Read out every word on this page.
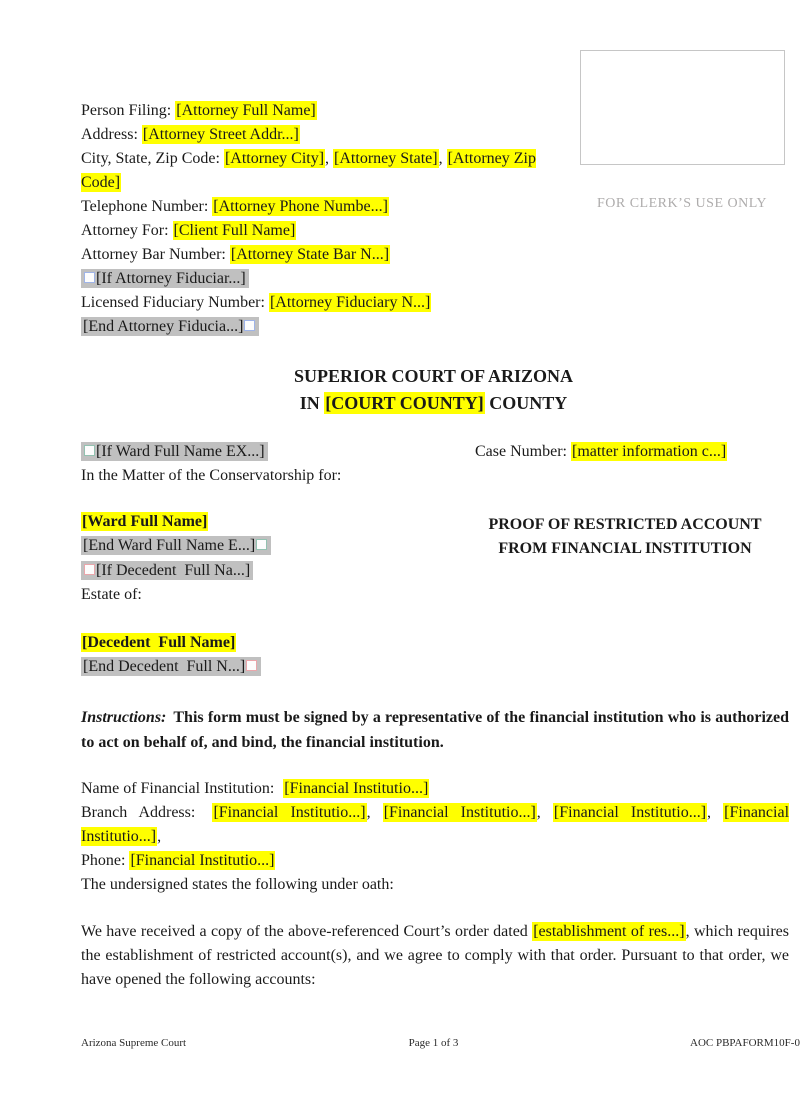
FOR CLERK’S USE ONLY
Person Filing: [Attorney Full Name]
Address: [Attorney Street Addr...]
City, State, Zip Code: [Attorney City], [Attorney State], [Attorney Zip Code]
Telephone Number: [Attorney Phone Numbe...]
Attorney For: [Client Full Name]
Attorney Bar Number: [Attorney State Bar N...]
[If Attorney Fiduciar...]
Licensed Fiduciary Number: [Attorney Fiduciary N...]
[End Attorney Fiducia...]
SUPERIOR COURT OF ARIZONA
IN [COURT COUNTY] COUNTY
[If Ward Full Name EX...]	Case Number: [matter information c...]
In the Matter of the Conservatorship for:
[Ward Full Name]
[End Ward Full Name E...]
[If Decedent  Full Na...]
Estate of:
PROOF OF RESTRICTED ACCOUNT
FROM FINANCIAL INSTITUTION
[Decedent  Full Name]
[End Decedent  Full N...]
Instructions: This form must be signed by a representative of the financial institution who is authorized to act on behalf of, and bind, the financial institution.
Name of Financial Institution: [Financial Institutio...]
Branch Address: [Financial Institutio...], [Financial Institutio...], [Financial Institutio...], [Financial Institutio...],
Phone: [Financial Institutio...]
The undersigned states the following under oath:
We have received a copy of the above-referenced Court’s order dated [establishment of res...], which requires the establishment of restricted account(s), and we agree to comply with that order. Pursuant to that order, we have opened the following accounts:
Arizona Supreme Court	Page 1 of 3	AOC PBPAFORM10F-0
